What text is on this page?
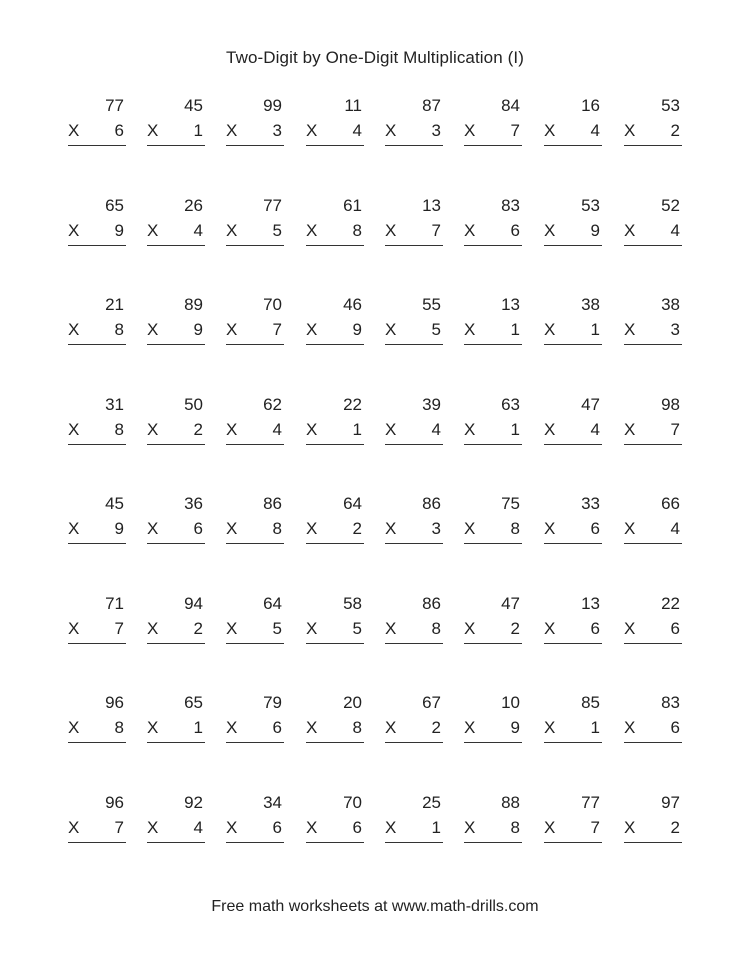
Two-Digit by One-Digit Multiplication (I)
77
X 6
45
X 1
99
X 3
11
X 4
87
X 3
84
X 7
16
X 4
53
X 2
65
X 9
26
X 4
77
X 5
61
X 8
13
X 7
83
X 6
53
X 9
52
X 4
21
X 8
89
X 9
70
X 7
46
X 9
55
X 5
13
X 1
38
X 1
38
X 3
31
X 8
50
X 2
62
X 4
22
X 1
39
X 4
63
X 1
47
X 4
98
X 7
45
X 9
36
X 6
86
X 8
64
X 2
86
X 3
75
X 8
33
X 6
66
X 4
71
X 7
94
X 2
64
X 5
58
X 5
86
X 8
47
X 2
13
X 6
22
X 6
96
X 8
65
X 1
79
X 6
20
X 8
67
X 2
10
X 9
85
X 1
83
X 6
96
X 7
92
X 4
34
X 6
70
X 6
25
X 1
88
X 8
77
X 7
97
X 2
Free math worksheets at www.math-drills.com
